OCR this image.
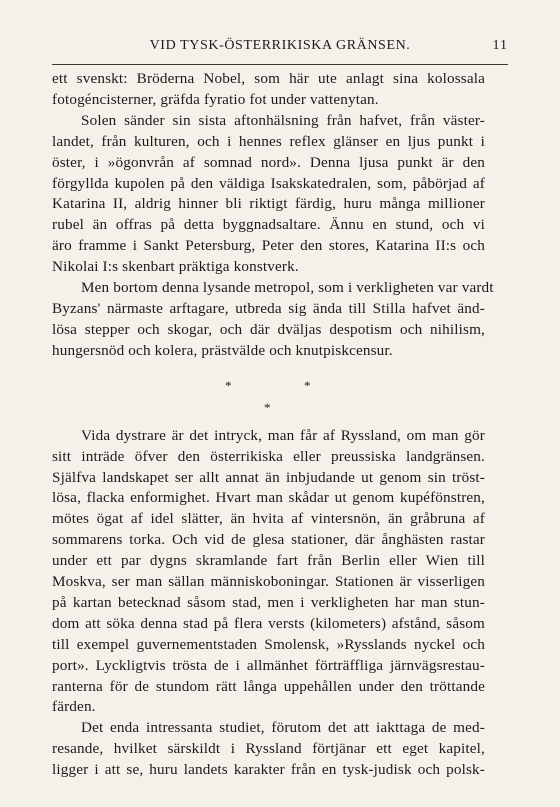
VID TYSK-ÖSTERRIKISKA GRÄNSEN.	11
ett svenskt: Bröderna Nobel, som här ute anlagt sina kolossala
fotogéncisterner, gräfda fyratio fot under vattenytan.
Solen sänder sin sista aftonhälsning från hafvet, från väster-
landet, från kulturen, och i hennes reflex glänser en ljus punkt i
öster, i »ögonvrån af somnad nord». Denna ljusa punkt är den
förgyllda kupolen på den väldiga Isakskatedralen, som, påbörjad af
Katarina II, aldrig hinner bli riktigt färdig, huru många millioner
rubel än offras på detta byggnadsaltare. Ännu en stund, och vi
äro framme i Sankt Petersburg, Peter den stores, Katarina II:s och
Nikolai I:s skenbart präktiga konstverk.
Men bortom denna lysande metropol, som i verkligheten var vardt
Byzans' närmaste arftagare, utbreda sig ända till Stilla hafvet änd-
lösa stepper och skogar, och där dväljas despotism och nihilism,
hungersnöd och kolera, prästvälde och knutpiskcensur.
*	*
*
Vida dystrare är det intryck, man får af Ryssland, om man gör
sitt inträde öfver den österrikiska eller preussiska landgränsen.
Själfva landskapet ser allt annat än inbjudande ut genom sin tröst-
lösa, flacka enformighet. Hvart man skådar ut genom kupéfönstren,
mötes ögat af idel slätter, än hvita af vintersnön, än gråbruna af
sommarens torka. Och vid de glesa stationer, där ånghästen rastar
under ett par dygns skramlande fart från Berlin eller Wien till
Moskva, ser man sällan människoboningar. Stationen är visserligen
på kartan betecknad såsom stad, men i verkligheten har man stun-
dom att söka denna stad på flera versts (kilometers) afstånd, såsom
till exempel guvernementstaden Smolensk, »Rysslands nyckel och
port». Lyckligtvis trösta de i allmänhet förträffliga järnvägsrestau-
ranterna för de stundom rätt långa uppehållen under den tröttande
färden.
Det enda intressanta studiet, förutom det att iakttaga de med-
resande, hvilket särskildt i Ryssland förtjänar ett eget kapitel,
ligger i att se, huru landets karakter från en tysk-judisk och polsk-
